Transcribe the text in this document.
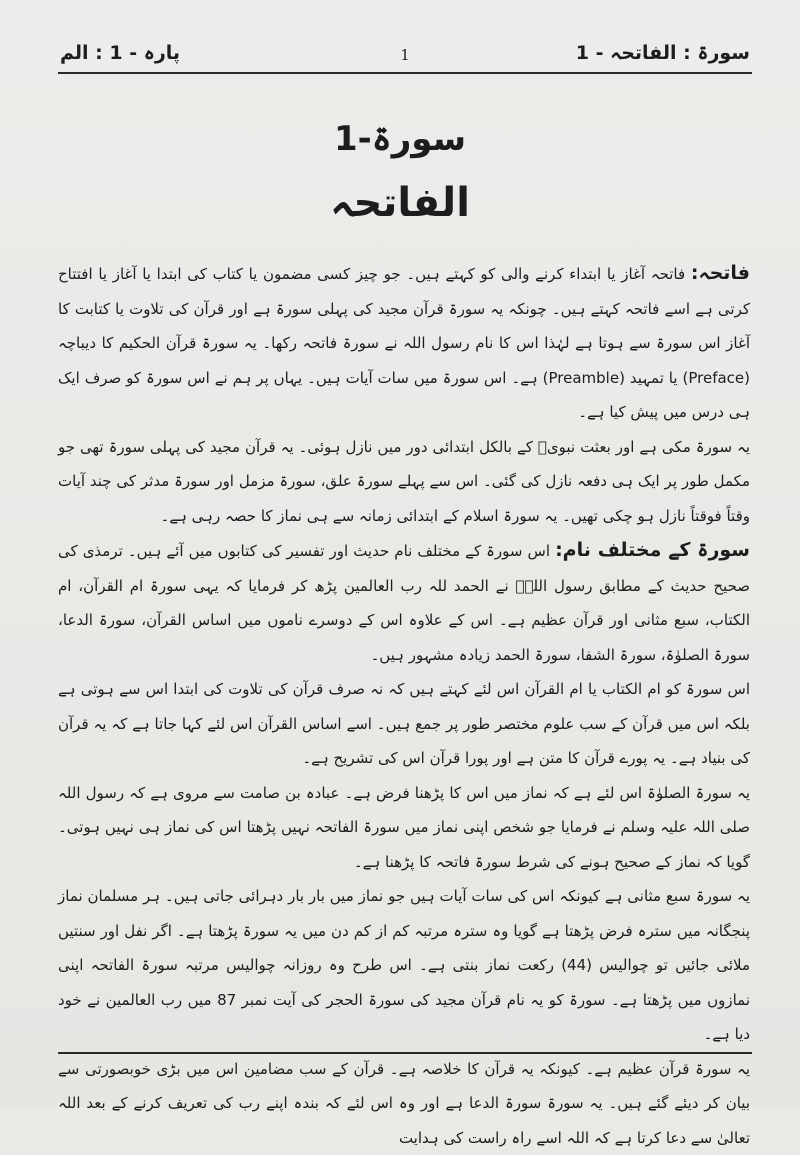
سورۃ : الفاتحہ - 1
1
پارہ - 1 : الم
سورۃ-1
الفاتحہ

فاتحہ: فاتحہ آغاز یا ابتداء کرنے والی کو کہتے ہیں۔ جو چیز کسی مضمون یا کتاب کی ابتدا یا آغاز یا افتتاح کرتی ہے اسے فاتحہ کہتے ہیں۔ چونکہ یہ سورۃ قرآن مجید کی پہلی سورۃ ہے اور قرآن کی تلاوت یا کتابت کا آغاز اس سورۃ سے ہوتا ہے لہٰذا اس کا نام رسول اللہ نے سورۃ فاتحہ رکھا۔ یہ سورۃ قرآن الحکیم کا دیباچہ (Preface) یا تمہید (Preamble) ہے۔ اس سورۃ میں سات آیات ہیں۔ یہاں پر ہم نے اس سورۃ کو صرف ایک ہی درس میں پیش کیا ہے۔

یہ سورۃ مکی ہے اور بعثت نبویؐ کے بالکل ابتدائی دور میں نازل ہوئی۔ یہ قرآن مجید کی پہلی سورۃ تھی جو مکمل طور پر ایک ہی دفعہ نازل کی گئی۔ اس سے پہلے سورۃ علق، سورۃ مزمل اور سورۃ مدثر کی چند آیات وقتاً فوقتاً نازل ہو چکی تھیں۔ یہ سورۃ اسلام کے ابتدائی زمانہ سے ہی نماز کا حصہ رہی ہے۔

سورۃ کے مختلف نام: اس سورۃ کے مختلف نام حدیث اور تفسیر کی کتابوں میں آئے ہیں۔ ترمذی کی صحیح حدیث کے مطابق رسول اللہؐ نے الحمد للہ رب العالمین پڑھ کر فرمایا کہ یہی سورۃ ام القرآن، ام الکتاب، سبع مثانی اور قرآن عظیم ہے۔ اس کے علاوہ اس کے دوسرے ناموں میں اساس القرآن، سورۃ الدعا، سورۃ الصلوٰۃ، سورۃ الشفا، سورۃ الحمد زیادہ مشہور ہیں۔

اس سورۃ کو ام الکتاب یا ام القرآن اس لئے کہتے ہیں کہ نہ صرف قرآن کی تلاوت کی ابتدا اس سے ہوتی ہے بلکہ اس میں قرآن کے سب علوم مختصر طور پر جمع ہیں۔ اسے اساس القرآن اس لئے کہا جاتا ہے کہ یہ قرآن کی بنیاد ہے۔ یہ پورے قرآن کا متن ہے اور پورا قرآن اس کی تشریح ہے۔

یہ سورۃ الصلوٰۃ اس لئے ہے کہ نماز میں اس کا پڑھنا فرض ہے۔ عبادہ بن صامت سے مروی ہے کہ رسول اللہ صلی اللہ علیہ وسلم نے فرمایا جو شخص اپنی نماز میں سورۃ الفاتحہ نہیں پڑھتا اس کی نماز ہی نہیں ہوتی۔ گویا کہ نماز کے صحیح ہونے کی شرط سورۃ فاتحہ کا پڑھنا ہے۔

یہ سورۃ سبع مثانی ہے کیونکہ اس کی سات آیات ہیں جو نماز میں بار بار دہرائی جاتی ہیں۔ ہر مسلمان نماز پنجگانہ میں سترہ فرض پڑھتا ہے گویا وہ سترہ مرتبہ کم از کم دن میں یہ سورۃ پڑھتا ہے۔ اگر نفل اور سنتیں ملائی جائیں تو چوالیس (44) رکعت نماز بنتی ہے۔ اس طرح وہ روزانہ چوالیس مرتبہ سورۃ الفاتحہ اپنی نمازوں میں پڑھتا ہے۔ سورۃ کو یہ نام قرآن مجید کی سورۃ الحجر کی آیت نمبر 87 میں رب العالمین نے خود دیا ہے۔

یہ سورۃ قرآن عظیم ہے۔ کیونکہ یہ قرآن کا خلاصہ ہے۔ قرآن کے سب مضامین اس میں بڑی خوبصورتی سے بیان کر دیئے گئے ہیں۔ یہ سورۃ سورۃ الدعا ہے اور وہ اس لئے کہ بندہ اپنے رب کی تعریف کرنے کے بعد اللہ تعالیٰ سے دعا کرتا ہے کہ اللہ اسے راہ راست کی ہدایت
